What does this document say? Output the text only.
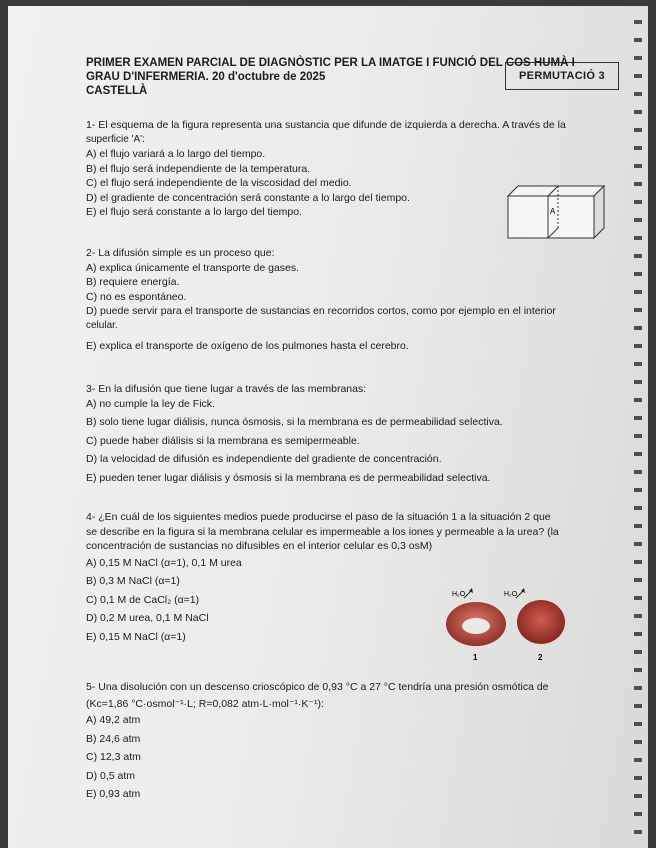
PERMUTACIÓ 3
PRIMER EXAMEN PARCIAL DE DIAGNÒSTIC PER LA IMATGE I FUNCIÓ DEL COS HUMÀ I
GRAU D'INFERMERIA. 20 d'octubre de 2025
CASTELLÀ

1- El esquema de la figura representa una sustancia que difunde de izquierda a derecha. A través de la

superficie 'A':

A) el flujo variará a lo largo del tiempo.

B) el flujo será independiente de la temperatura.

C) el flujo será independiente de la viscosidad del medio.

D) el gradiente de concentración será constante a lo largo del tiempo.

E) el flujo será constante a lo largo del tiempo.	A

2- La difusión simple es un proceso que:

A) explica únicamente el transporte de gases.

B) requiere energía.

C) no es espontáneo.

D) puede servir para el transporte de sustancias en recorridos cortos, como por ejemplo en el interior

celular.

E) explica el transporte de oxígeno de los pulmones hasta el cerebro.

3- En la difusión que tiene lugar a través de las membranas:

A) no cumple la ley de Fick.

B) solo tiene lugar diálisis, nunca ósmosis, si la membrana es de permeabilidad selectiva.

C) puede haber diálisis si la membrana es semipermeable.

D) la velocidad de difusión es independiente del gradiente de concentración.

E) pueden tener lugar diálisis y ósmosis si la membrana es de permeabilidad selectiva.

4- ¿En cuál de los siguientes medios puede producirse el paso de la situación 1 a la situación 2 que

se describe en la figura si la membrana celular es impermeable a los iones y permeable a la urea? (la

concentración de sustancias no difusibles en el interior celular es 0,3 osM)

A) 0,15 M NaCl (α=1), 0,1 M urea

B) 0,3 M NaCl (α=1)

C) 0,1 M de CaCl₂ (α=1)

D) 0,2 M urea, 0,1 M NaCl

E) 0,15 M NaCl (α=1)

H₂O	H₂O
1	2

5- Una disolución con un descenso crioscópico de 0,93 °C a 27 °C tendría una presión osmótica de

(Kc=1,86 °C·osmol⁻¹·L; R=0,082 atm·L·mol⁻¹·K⁻¹):

A) 49,2 atm

B) 24,6 atm

C) 12,3 atm

D) 0,5 atm

E) 0,93 atm
